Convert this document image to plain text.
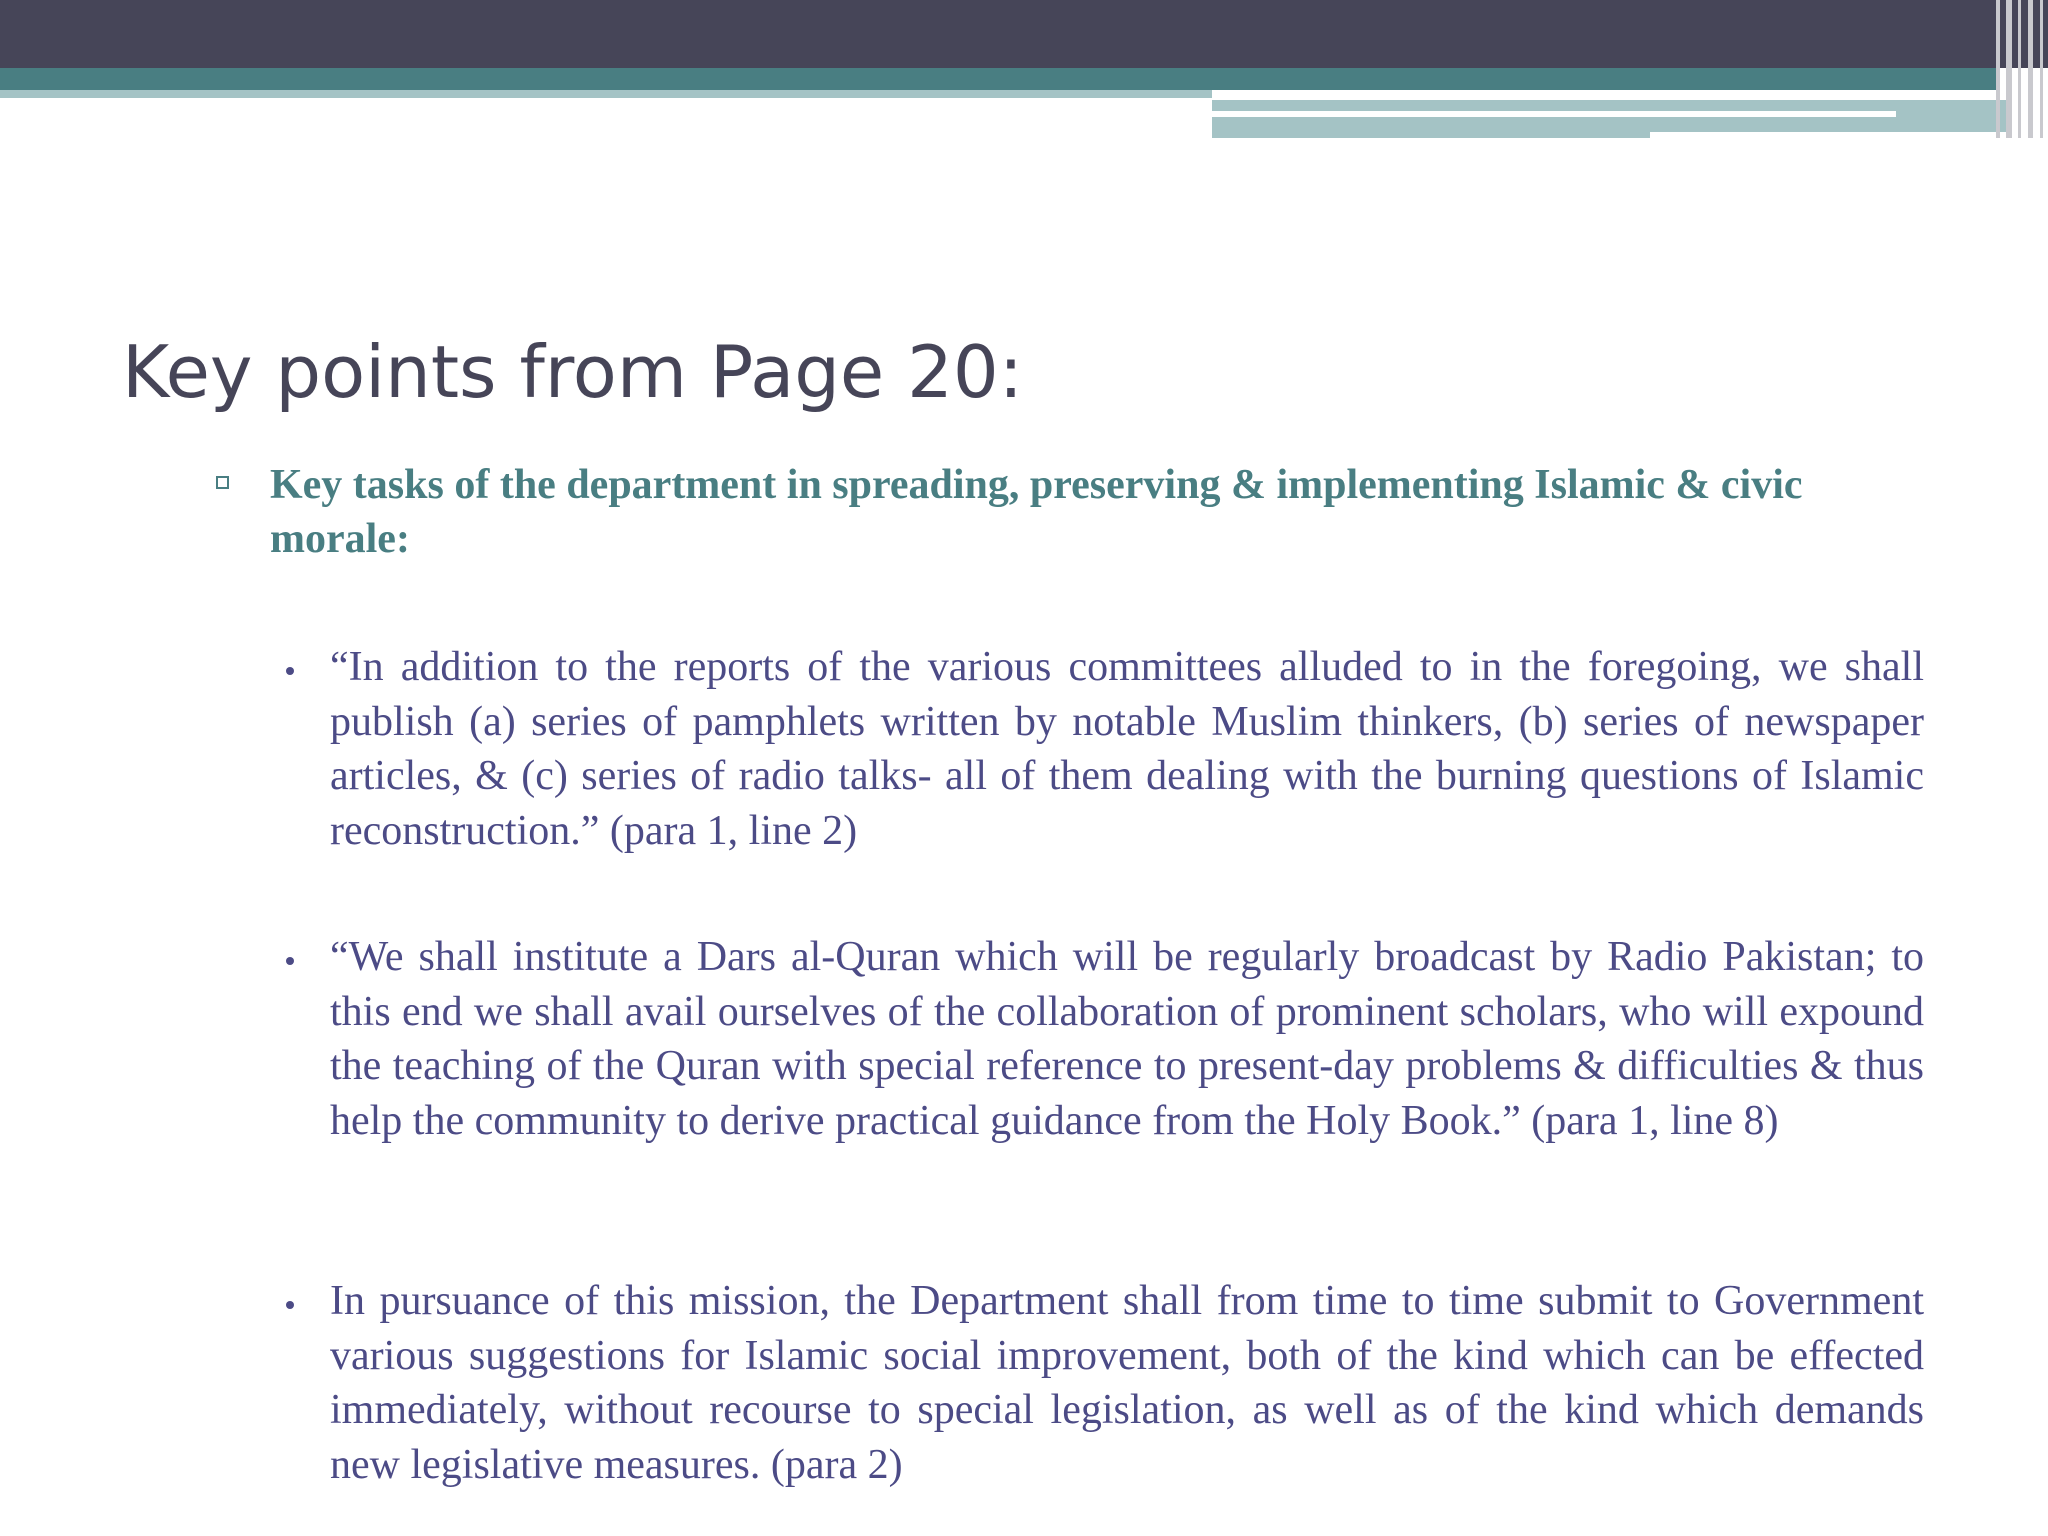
Key points from Page 20:

Key tasks of the department in spreading, preserving & implementing Islamic & civic morale:

“In addition to the reports of the various committees alluded to in the foregoing, we shall publish (a) series of pamphlets written by notable Muslim thinkers, (b) series of newspaper articles, & (c) series of radio talks- all of them dealing with the burning questions of Islamic reconstruction.” (para 1, line 2)

“We shall institute a Dars al-Quran which will be regularly broadcast by Radio Pakistan; to this end we shall avail ourselves of the collaboration of prominent scholars, who will expound the teaching of the Quran with special reference to present-day problems & difficulties & thus help the community to derive practical guidance from the Holy Book.” (para 1, line 8)

In pursuance of this mission, the Department shall from time to time submit to Government various suggestions for Islamic social improvement, both of the kind which can be effected immediately, without recourse to special legislation, as well as of the kind which demands new legislative measures. (para 2)
